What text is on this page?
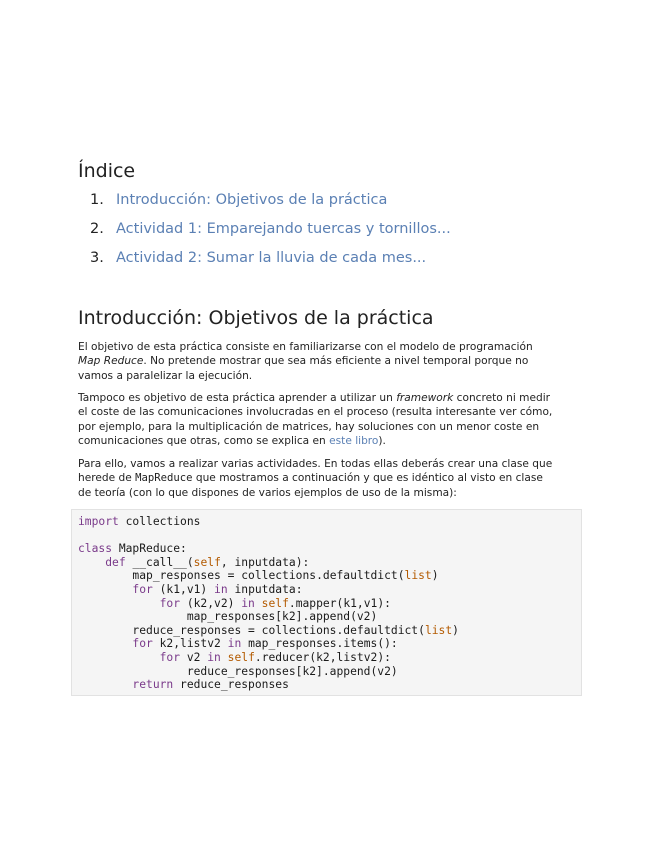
Índice
1. Introducción: Objetivos de la práctica
2. Actividad 1: Emparejando tuercas y tornillos...
3. Actividad 2: Sumar la lluvia de cada mes...
Introducción: Objetivos de la práctica

El objetivo de esta práctica consiste en familiarizarse con el modelo de programación Map Reduce. No pretende mostrar que sea más eficiente a nivel temporal porque no vamos a paralelizar la ejecución.

Tampoco es objetivo de esta práctica aprender a utilizar un framework concreto ni medir el coste de las comunicaciones involucradas en el proceso (resulta interesante ver cómo, por ejemplo, para la multiplicación de matrices, hay soluciones con un menor coste en comunicaciones que otras, como se explica en este libro).

Para ello, vamos a realizar varias actividades. En todas ellas deberás crear una clase que herede de MapReduce que mostramos a continuación y que es idéntico al visto en clase de teoría (con lo que dispones de varios ejemplos de uso de la misma):

import collections

class MapReduce:
def __call__(self, inputdata):
map_responses = collections.defaultdict(list)
for (k1,v1) in inputdata:
for (k2,v2) in self.mapper(k1,v1):
map_responses[k2].append(v2)
reduce_responses = collections.defaultdict(list)
for k2,listv2 in map_responses.items():
for v2 in self.reducer(k2,listv2):
reduce_responses[k2].append(v2)
return reduce_responses
